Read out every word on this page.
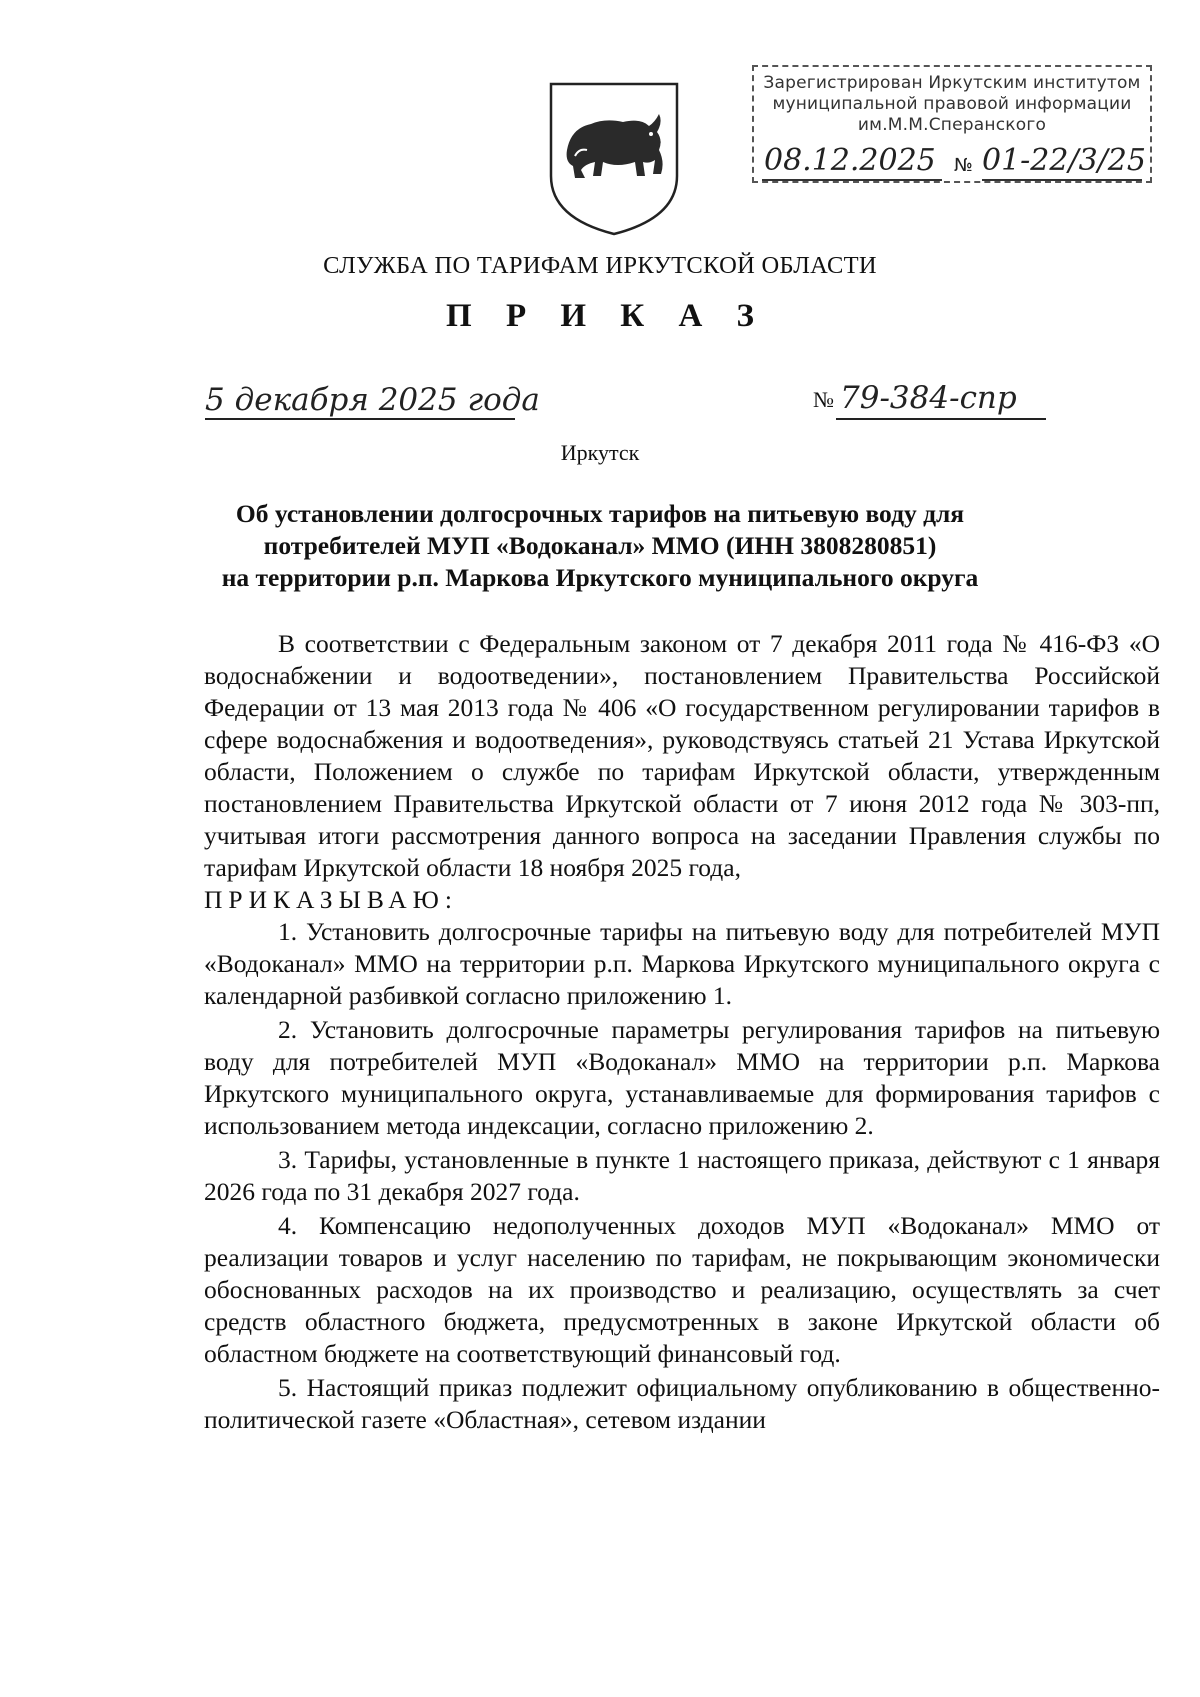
Зарегистрирован Иркутским институтом
муниципальной правовой информации
им.М.М.Сперанского
08.12.2025 № 01-22/3/25
СЛУЖБА ПО ТАРИФАМ ИРКУТСКОЙ ОБЛАСТИ
П Р И К А З
5 декабря 2025 года	№ 79-384-спр
Иркутск
Об установлении долгосрочных тарифов на питьевую воду для
потребителей МУП «Водоканал» ММО (ИНН 3808280851)
на территории р.п. Маркова Иркутского муниципального округа

В соответствии с Федеральным законом от 7 декабря 2011 года № 416-ФЗ «О водоснабжении и водоотведении», постановлением Правительства Российской Федерации от 13 мая 2013 года № 406 «О государственном регулировании тарифов в сфере водоснабжения и водоотведения», руководствуясь статьей 21 Устава Иркутской области, Положением о службе по тарифам Иркутской области, утвержденным постановлением Правительства Иркутской области от 7 июня 2012 года № 303-пп, учитывая итоги рассмотрения данного вопроса на заседании Правления службы по тарифам Иркутской области 18 ноября 2025 года,

ПРИКАЗЫВАЮ:

1. Установить долгосрочные тарифы на питьевую воду для потребителей МУП «Водоканал» ММО на территории р.п. Маркова Иркутского муниципального округа с календарной разбивкой согласно приложению 1.

2. Установить долгосрочные параметры регулирования тарифов на питьевую воду для потребителей МУП «Водоканал» ММО на территории р.п. Маркова Иркутского муниципального округа, устанавливаемые для формирования тарифов с использованием метода индексации, согласно приложению 2.

3. Тарифы, установленные в пункте 1 настоящего приказа, действуют с 1 января 2026 года по 31 декабря 2027 года.

4. Компенсацию недополученных доходов МУП «Водоканал» ММО от реализации товаров и услуг населению по тарифам, не покрывающим экономически обоснованных расходов на их производство и реализацию, осуществлять за счет средств областного бюджета, предусмотренных в законе Иркутской области об областном бюджете на соответствующий финансовый год.

5. Настоящий приказ подлежит официальному опубликованию в общественно-политической газете «Областная», сетевом издании
